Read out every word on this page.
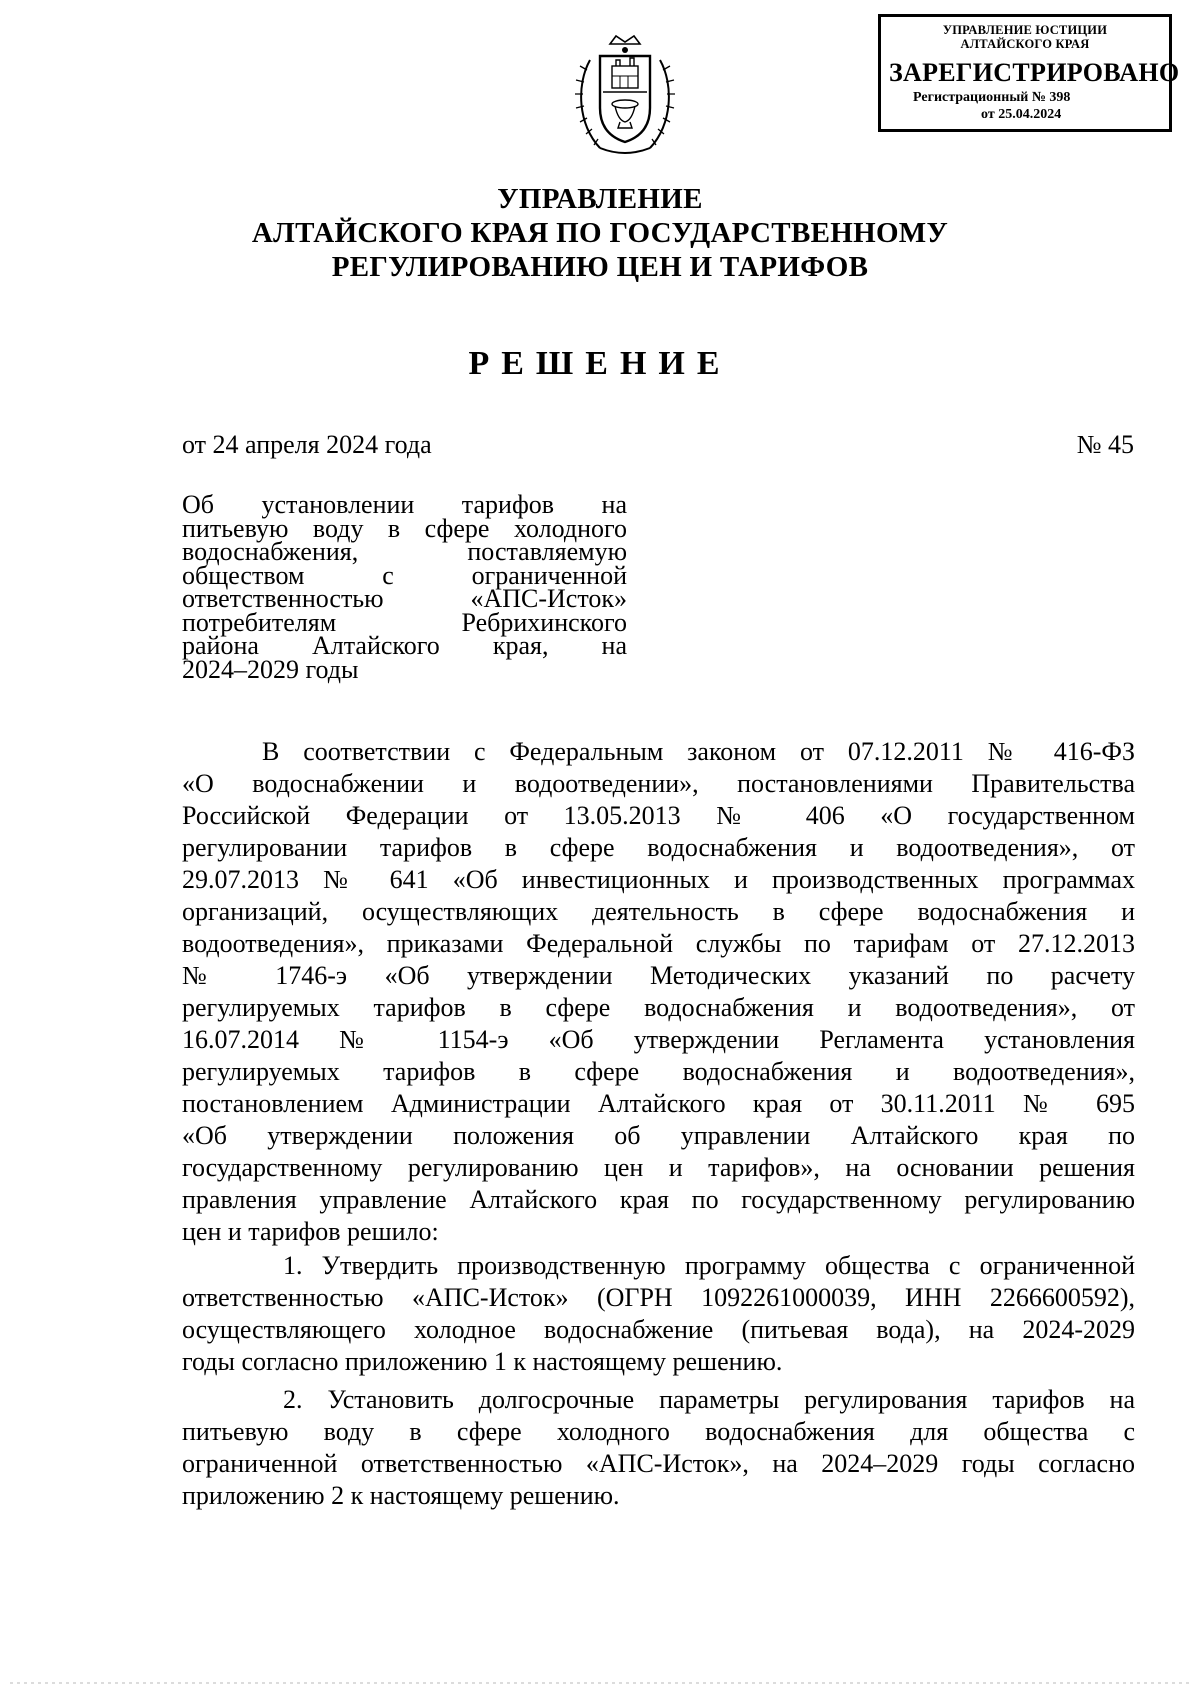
УПРАВЛЕНИЕ ЮСТИЦИИ
АЛТАЙСКОГО КРАЯ
ЗАРЕГИСТРИРОВАНО
Регистрационный № 398
от 25.04.2024
УПРАВЛЕНИЕ
АЛТАЙСКОГО КРАЯ ПО ГОСУДАРСТВЕННОМУ
РЕГУЛИРОВАНИЮ ЦЕН И ТАРИФОВ
РЕШЕНИЕ
от 24 апреля 2024 года	№ 45
Об установлении тарифов на
питьевую воду в сфере холодного
водоснабжения, поставляемую
обществом с ограниченной
ответственностью «АПС-Исток»
потребителям Ребрихинского
района Алтайского края, на
2024–2029 годы
В соответствии с Федеральным законом от 07.12.2011 № 416-ФЗ
«О водоснабжении и водоотведении», постановлениями Правительства
Российской Федерации от 13.05.2013 № 406 «О государственном
регулировании тарифов в сфере водоснабжения и водоотведения», от
29.07.2013 № 641 «Об инвестиционных и производственных программах
организаций, осуществляющих деятельность в сфере водоснабжения и
водоотведения», приказами Федеральной службы по тарифам от 27.12.2013
№ 1746-э «Об утверждении Методических указаний по расчету
регулируемых тарифов в сфере водоснабжения и водоотведения», от
16.07.2014 № 1154-э «Об утверждении Регламента установления
регулируемых тарифов в сфере водоснабжения и водоотведения»,
постановлением Администрации Алтайского края от 30.11.2011 № 695
«Об утверждении положения об управлении Алтайского края по
государственному регулированию цен и тарифов», на основании решения
правления управление Алтайского края по государственному регулированию
цен и тарифов решило:
1. Утвердить производственную программу общества с ограниченной
ответственностью «АПС-Исток» (ОГРН 1092261000039, ИНН 2266600592),
осуществляющего холодное водоснабжение (питьевая вода), на 2024-2029
годы согласно приложению 1 к настоящему решению.
2. Установить долгосрочные параметры регулирования тарифов на
питьевую воду в сфере холодного водоснабжения для общества с
ограниченной ответственностью «АПС-Исток», на 2024–2029 годы согласно
приложению 2 к настоящему решению.
